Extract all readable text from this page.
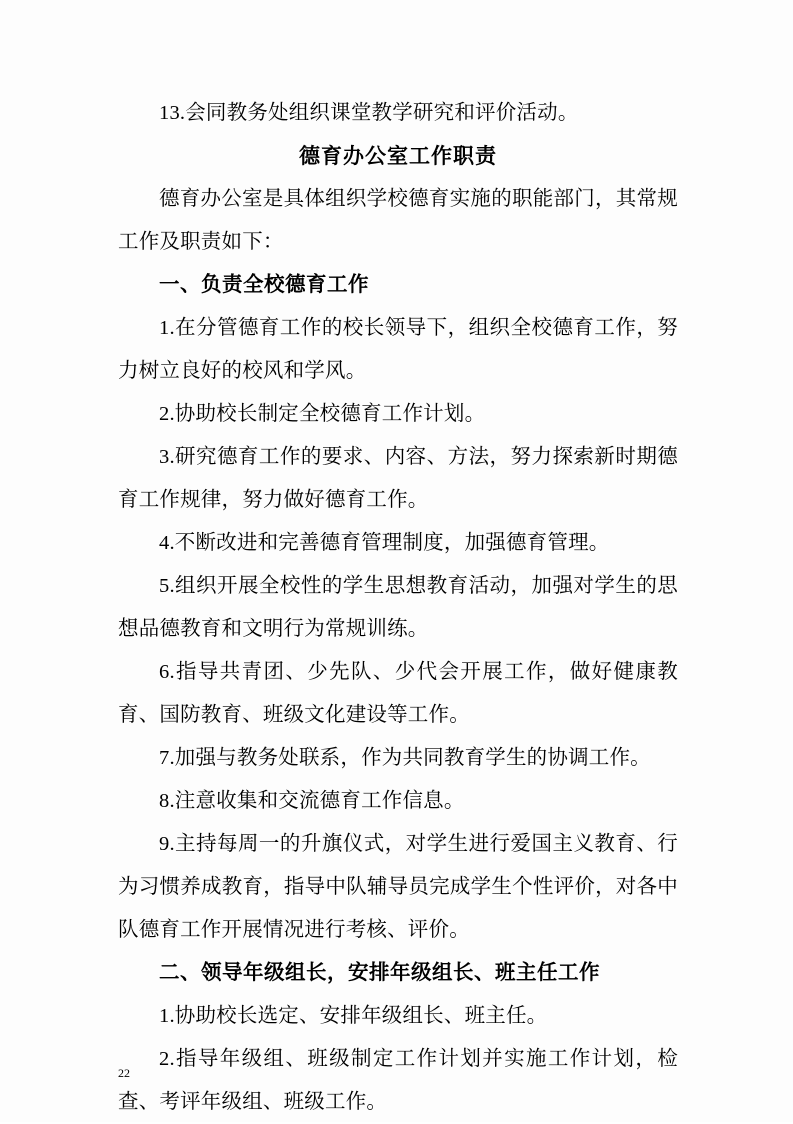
13.会同教务处组织课堂教学研究和评价活动。

德育办公室工作职责

德育办公室是具体组织学校德育实施的职能部门，其常规工作及职责如下：

一、负责全校德育工作

1.在分管德育工作的校长领导下，组织全校德育工作，努力树立良好的校风和学风。

2.协助校长制定全校德育工作计划。

3.研究德育工作的要求、内容、方法，努力探索新时期德育工作规律，努力做好德育工作。

4.不断改进和完善德育管理制度，加强德育管理。

5.组织开展全校性的学生思想教育活动，加强对学生的思想品德教育和文明行为常规训练。

6.指导共青团、少先队、少代会开展工作，做好健康教育、国防教育、班级文化建设等工作。

7.加强与教务处联系，作为共同教育学生的协调工作。

8.注意收集和交流德育工作信息。

9.主持每周一的升旗仪式，对学生进行爱国主义教育、行为习惯养成教育，指导中队辅导员完成学生个性评价，对各中队德育工作开展情况进行考核、评价。

二、领导年级组长，安排年级组长、班主任工作

1.协助校长选定、安排年级组长、班主任。

2.指导年级组、班级制定工作计划并实施工作计划，检查、考评年级组、班级工作。

22
